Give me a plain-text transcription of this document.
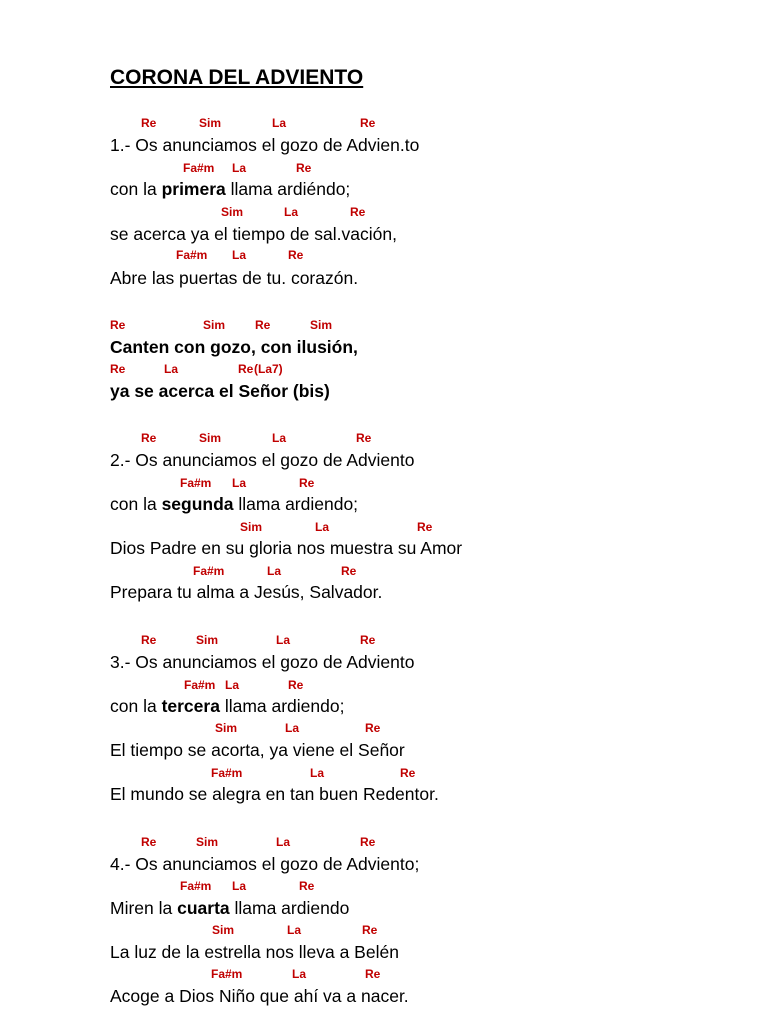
CORONA DEL ADVIENTO
Re	Sim	La	Re
1.- Os anunciamos el gozo de Advien.to
Fa#m La	Re
con la primera llama ardiéndo;
Sim	La	Re
se acerca ya el tiempo de sal.vación,
Fa#m La	Re
Abre las puertas de tu. corazón.
Re	Sim Re	Sim
Canten con gozo, con ilusión,
Re	La	Re (La7)
ya se acerca el Señor (bis)
Re	Sim	La	Re
2.- Os anunciamos el gozo de Adviento
Fa#m La	Re
con la segunda llama ardiendo;
Sim	La	Re
Dios Padre en su gloria nos muestra su Amor
Fa#m	La	Re
Prepara tu alma a Jesús, Salvador.
Re	Sim	La	Re
3.- Os anunciamos el gozo de Adviento
Fa#m La	Re
con la tercera llama ardiendo;
Sim	La	Re
El tiempo se acorta, ya viene el Señor
Fa#m	La	Re
El mundo se alegra en tan buen Redentor.
Re	Sim	La	Re
4.- Os anunciamos el gozo de Adviento;
Fa#m La	Re
Miren la cuarta llama ardiendo
Sim	La	Re
La luz de la estrella nos lleva a Belén
Fa#m	La	Re
Acoge a Dios Niño que ahí va a nacer.
